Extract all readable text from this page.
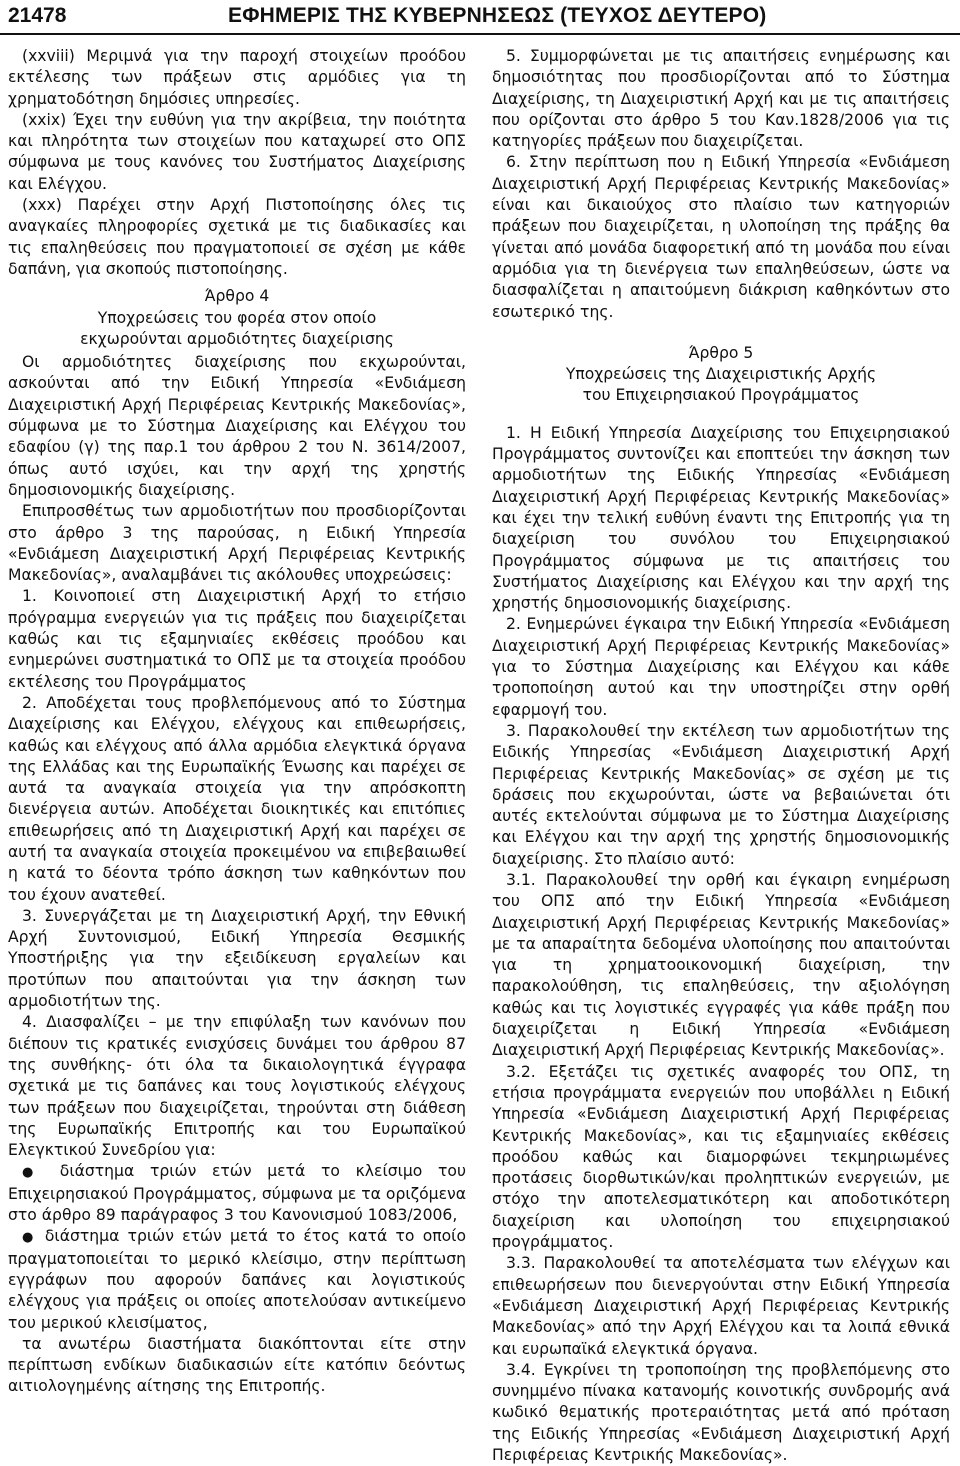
21478	ΕΦΗΜΕΡΙΣ ΤΗΣ ΚΥΒΕΡΝΗΣΕΩΣ (ΤΕΥΧΟΣ ΔΕΥΤΕΡΟ)

(xxviii) Μεριμνά για την παροχή στοιχείων προόδου εκτέλεσης των πράξεων στις αρμόδιες για τη χρηματοδότηση δημόσιες υπηρεσίες.

(xxix) Έχει την ευθύνη για την ακρίβεια, την ποιότητα και πληρότητα των στοιχείων που καταχωρεί στο ΟΠΣ σύμφωνα με τους κανόνες του Συστήματος Διαχείρισης και Ελέγχου.

(xxx) Παρέχει στην Αρχή Πιστοποίησης όλες τις αναγκαίες πληροφορίες σχετικά με τις διαδικασίες και τις επαληθεύσεις που πραγματοποιεί σε σχέση με κάθε δαπάνη, για σκοπούς πιστοποίησης.

Άρθρο 4
Υποχρεώσεις του φορέα στον οποίο
εκχωρούνται αρμοδιότητες διαχείρισης

Οι αρμοδιότητες διαχείρισης που εκχωρούνται, ασκούνται από την Ειδική Υπηρεσία «Ενδιάμεση Διαχειριστική Αρχή Περιφέρειας Κεντρικής Μακεδονίας», σύμφωνα με το Σύστημα Διαχείρισης και Ελέγχου του εδαφίου (γ) της παρ.1 του άρθρου 2 του Ν. 3614/2007, όπως αυτό ισχύει, και την αρχή της χρηστής δημοσιονομικής διαχείρισης.

Επιπροσθέτως των αρμοδιοτήτων που προσδιορίζονται στο άρθρο 3 της παρούσας, η Ειδική Υπηρεσία «Ενδιάμεση Διαχειριστική Αρχή Περιφέρειας Κεντρικής Μακεδονίας», αναλαμβάνει τις ακόλουθες υποχρεώσεις:

1. Κοινοποιεί στη Διαχειριστική Αρχή το ετήσιο πρόγραμμα ενεργειών για τις πράξεις που διαχειρίζεται καθώς και τις εξαμηνιαίες εκθέσεις προόδου και ενημερώνει συστηματικά το ΟΠΣ με τα στοιχεία προόδου εκτέλεσης του Προγράμματος

2. Αποδέχεται τους προβλεπόμενους από το Σύστημα Διαχείρισης και Ελέγχου, ελέγχους και επιθεωρήσεις, καθώς και ελέγχους από άλλα αρμόδια ελεγκτικά όργανα της Ελλάδας και της Ευρωπαϊκής Ένωσης και παρέχει σε αυτά τα αναγκαία στοιχεία για την απρόσκοπτη διενέργεια αυτών. Αποδέχεται διοικητικές και επιτόπιες επιθεωρήσεις από τη Διαχειριστική Αρχή και παρέχει σε αυτή τα αναγκαία στοιχεία προκειμένου να επιβεβαιωθεί η κατά το δέοντα τρόπο άσκηση των καθηκόντων που του έχουν ανατεθεί.

3. Συνεργάζεται με τη Διαχειριστική Αρχή, την Εθνική Αρχή Συντονισμού, Ειδική Υπηρεσία Θεσμικής Υποστήριξης για την εξειδίκευση εργαλείων και προτύπων που απαιτούνται για την άσκηση των αρμοδιοτήτων της.

4. Διασφαλίζει – με την επιφύλαξη των κανόνων που διέπουν τις κρατικές ενισχύσεις δυνάμει του άρθρου 87 της συνθήκης- ότι όλα τα δικαιολογητικά έγγραφα σχετικά με τις δαπάνες και τους λογιστικούς ελέγχους των πράξεων που διαχειρίζεται, τηρούνται στη διάθεση της Ευρωπαϊκής Επιτροπής και του Ευρωπαϊκού Ελεγκτικού Συνεδρίου για:

● διάστημα τριών ετών μετά το κλείσιμο του Επιχειρησιακού Προγράμματος, σύμφωνα με τα οριζόμενα στο άρθρο 89 παράγραφος 3 του Κανονισμού 1083/2006,

● διάστημα τριών ετών μετά το έτος κατά το οποίο πραγματοποιείται το μερικό κλείσιμο, στην περίπτωση εγγράφων που αφορούν δαπάνες και λογιστικούς ελέγχους για πράξεις οι οποίες αποτελούσαν αντικείμενο του μερικού κλεισίματος,

τα ανωτέρω διαστήματα διακόπτονται είτε στην περίπτωση ενδίκων διαδικασιών είτε κατόπιν δεόντως αιτιολογημένης αίτησης της Επιτροπής.

5. Συμμορφώνεται με τις απαιτήσεις ενημέρωσης και δημοσιότητας που προσδιορίζονται από το Σύστημα Διαχείρισης, τη Διαχειριστική Αρχή και με τις απαιτήσεις που ορίζονται στο άρθρο 5 του Καν.1828/2006 για τις κατηγορίες πράξεων που διαχειρίζεται.

6. Στην περίπτωση που η Ειδική Υπηρεσία «Ενδιάμεση Διαχειριστική Αρχή Περιφέρειας Κεντρικής Μακεδονίας» είναι και δικαιούχος στο πλαίσιο των κατηγοριών πράξεων που διαχειρίζεται, η υλοποίηση της πράξης θα γίνεται από μονάδα διαφορετική από τη μονάδα που είναι αρμόδια για τη διενέργεια των επαληθεύσεων, ώστε να διασφαλίζεται η απαιτούμενη διάκριση καθηκόντων στο εσωτερικό της.

Άρθρο 5
Υποχρεώσεις της Διαχειριστικής Αρχής
του Επιχειρησιακού Προγράμματος

1. Η Ειδική Υπηρεσία Διαχείρισης του Επιχειρησιακού Προγράμματος συντονίζει και εποπτεύει την άσκηση των αρμοδιοτήτων της Ειδικής Υπηρεσίας «Ενδιάμεση Διαχειριστική Αρχή Περιφέρειας Κεντρικής Μακεδονίας» και έχει την τελική ευθύνη έναντι της Επιτροπής για τη διαχείριση του συνόλου του Επιχειρησιακού Προγράμματος σύμφωνα με τις απαιτήσεις του Συστήματος Διαχείρισης και Ελέγχου και την αρχή της χρηστής δημοσιονομικής διαχείρισης.

2. Ενημερώνει έγκαιρα την Ειδική Υπηρεσία «Ενδιάμεση Διαχειριστική Αρχή Περιφέρειας Κεντρικής Μακεδονίας» για το Σύστημα Διαχείρισης και Ελέγχου και κάθε τροποποίηση αυτού και την υποστηρίζει στην ορθή εφαρμογή του.

3. Παρακολουθεί την εκτέλεση των αρμοδιοτήτων της Ειδικής Υπηρεσίας «Ενδιάμεση Διαχειριστική Αρχή Περιφέρειας Κεντρικής Μακεδονίας» σε σχέση με τις δράσεις που εκχωρούνται, ώστε να βεβαιώνεται ότι αυτές εκτελούνται σύμφωνα με το Σύστημα Διαχείρισης και Ελέγχου και την αρχή της χρηστής δημοσιονομικής διαχείρισης. Στο πλαίσιο αυτό:

3.1. Παρακολουθεί την ορθή και έγκαιρη ενημέρωση του ΟΠΣ από την Ειδική Υπηρεσία «Ενδιάμεση Διαχειριστική Αρχή Περιφέρειας Κεντρικής Μακεδονίας» με τα απαραίτητα δεδομένα υλοποίησης που απαιτούνται για τη χρηματοοικονομική διαχείριση, την παρακολούθηση, τις επαληθεύσεις, την αξιολόγηση καθώς και τις λογιστικές εγγραφές για κάθε πράξη που διαχειρίζεται η Ειδική Υπηρεσία «Ενδιάμεση Διαχειριστική Αρχή Περιφέρειας Κεντρικής Μακεδονίας».

3.2. Εξετάζει τις σχετικές αναφορές του ΟΠΣ, τη ετήσια προγράμματα ενεργειών που υποβάλλει η Ειδική Υπηρεσία «Ενδιάμεση Διαχειριστική Αρχή Περιφέρειας Κεντρικής Μακεδονίας», και τις εξαμηνιαίες εκθέσεις προόδου καθώς και διαμορφώνει τεκμηριωμένες προτάσεις διορθωτικών/και προληπτικών ενεργειών, με στόχο την αποτελεσματικότερη και αποδοτικότερη διαχείριση και υλοποίηση του επιχειρησιακού προγράμματος.

3.3. Παρακολουθεί τα αποτελέσματα των ελέγχων και επιθεωρήσεων που διενεργούνται στην Ειδική Υπηρεσία «Ενδιάμεση Διαχειριστική Αρχή Περιφέρειας Κεντρικής Μακεδονίας» από την Αρχή Ελέγχου και τα λοιπά εθνικά και ευρωπαϊκά ελεγκτικά όργανα.

3.4. Εγκρίνει τη τροποποίηση της προβλεπόμενης στο συνημμένο πίνακα κατανομής κοινοτικής συνδρομής ανά κωδικό θεματικής προτεραιότητας μετά από πρόταση της Ειδικής Υπηρεσίας «Ενδιάμεση Διαχειριστική Αρχή Περιφέρειας Κεντρικής Μακεδονίας».
